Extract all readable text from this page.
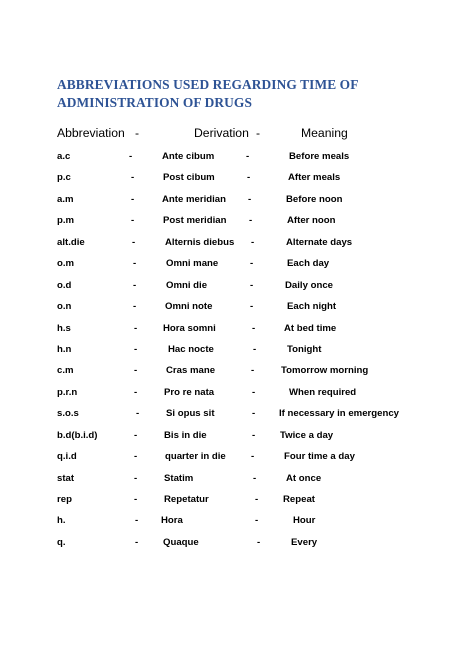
ABBREVIATIONS USED REGARDING TIME OF ADMINISTRATION OF DRUGS
Abbreviation -	Derivation -	Meaning
a.c	-	Ante cibum	-	Before meals
p.c	-	Post cibum	-	After meals
a.m	-	Ante meridian -	Before noon
p.m	-	Post meridian -	After noon
alt.die	-	Alternis diebus -	Alternate days
o.m	-	Omni mane	-	Each day
o.d	-	Omni die	-	Daily once
o.n	-	Omni note	-	Each night
h.s	-	Hora somni	-	At bed time
h.n	-	Hac nocte	-	Tonight
c.m	-	Cras mane	-	Tomorrow morning
p.r.n	-	Pro re nata	-	When required
s.o.s	-	Si opus sit	- If necessary in emergency
b.d(b.i.d)	-	Bis in die	-	Twice a day
q.i.d	-	quarter in die	-	Four time a day
stat	-	Statim	-	At once
rep	-	Repetatur	-	Repeat
h.	- Hora	-	Hour
q.	-	Quaque	-	Every
